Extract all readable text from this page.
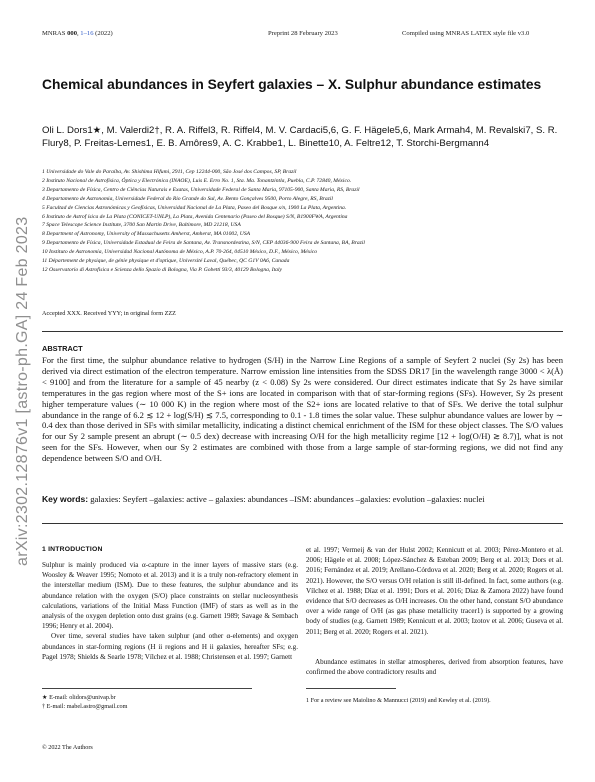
MNRAS 000, 1–16 (2022)	Preprint 28 February 2023	Compiled using MNRAS LATEX style file v3.0
arXiv:2302.12876v1 [astro-ph.GA] 24 Feb 2023
Chemical abundances in Seyfert galaxies – X. Sulphur abundance estimates
Oli L. Dors1★, M. Valerdi2†, R. A. Riffel3, R. Riffel4, M. V. Cardaci5,6, G. F. Hägele5,6, Mark Armah4, M. Revalski7, S. R. Flury8, P. Freitas-Lemes1, E. B. Amôres9, A. C. Krabbe1, L. Binette10, A. Feltre12, T. Storchi-Bergmann4
1 Universidade do Vale do Paraíba, Av. Shishima Hifumi, 2911, Cep 12244-000, São José dos Campos, SP, Brazil
2 Instituto Nacional de Astrofísica, Óptica y Electrónica (INAOE), Luis E. Erro No. 1, Sta. Ma. Tonantzintla, Puebla, C.P. 72840, México.
3 Departamento de Física, Centro de Ciências Naturais e Exatas, Universidade Federal de Santa Maria, 97105-900, Santa Maria, RS, Brazil
4 Departamento de Astronomia, Universidade Federal do Rio Grande do Sul, Av. Bento Gonçalves 9500, Porto Alegre, RS, Brazil
5 Facultad de Ciencias Astronómicas y Geofísicas, Universidad Nacional de La Plata, Paseo del Bosque s/n, 1900 La Plata, Argentina.
6 Instituto de Astrof ísica de La Plata (CONICET-UNLP), La Plata, Avenida Centenario (Paseo del Bosque) S/N, B1900FWA, Argentina
7 Space Telescope Science Institute, 3700 San Martin Drive, Baltimore, MD 21218, USA
8 Department of Astronomy, University of Massachusetts Amherst, Amherst, MA 01002, USA
9 Departamento de Física, Universidade Estadual de Feira de Santana, Av. Transnordestina, S/N, CEP 44036-900 Feira de Santana, BA, Brazil
10 Instituto de Astronomía, Universidad Nacional Autónoma de México, A.P. 70-264, 04510 México, D.F., México, México
11 Département de physique, de génie physique et d'optique, Université Laval, Québec, QC G1V 0A6, Canada
12 Osservatorio di Astrofisica e Scienza dello Spazio di Bologna, Via P. Gobetti 93/3, 40129 Bologna, Italy
Accepted XXX. Received YYY; in original form ZZZ
ABSTRACT
For the first time, the sulphur abundance relative to hydrogen (S/H) in the Narrow Line Regions of a sample of Seyfert 2 nuclei (Sy 2s) has been derived via direct estimation of the electron temperature. Narrow emission line intensities from the SDSS DR17 [in the wavelength range 3000 < λ(Å) < 9100] and from the literature for a sample of 45 nearby (z < 0.08) Sy 2s were considered. Our direct estimates indicate that Sy 2s have similar temperatures in the gas region where most of the S+ ions are located in comparison with that of star-forming regions (SFs). However, Sy 2s present higher temperature values (∼ 10 000 K) in the region where most of the S2+ ions are located relative to that of SFs. We derive the total sulphur abundance in the range of 6.2 ≲ 12 + log(S/H) ≲ 7.5, corresponding to 0.1 - 1.8 times the solar value. These sulphur abundance values are lower by ∼ 0.4 dex than those derived in SFs with similar metallicity, indicating a distinct chemical enrichment of the ISM for these object classes. The S/O values for our Sy 2 sample present an abrupt (∼ 0.5 dex) decrease with increasing O/H for the high metallicity regime [12 + log(O/H) ≳ 8.7)], what is not seen for the SFs. However, when our Sy 2 estimates are combined with those from a large sample of star-forming regions, we did not find any dependence between S/O and O/H.
Key words: galaxies: Seyfert –galaxies: active – galaxies: abundances –ISM: abundances –galaxies: evolution –galaxies: nuclei
1 INTRODUCTION

Sulphur is mainly produced via α-capture in the inner layers of massive stars (e.g. Woosley & Weaver 1995; Nomoto et al. 2013) and it is a truly non-refractory element in the interstellar medium (ISM). Due to these features, the sulphur abundance and its abundance relation with the oxygen (S/O) place constraints on stellar nucleosynthesis calculations, variations of the Initial Mass Function (IMF) of stars as well as in the analysis of the oxygen depletion onto dust grains (e.g. Garnett 1989; Savage & Sembach 1996; Henry et al. 2004).

Over time, several studies have taken sulphur (and other α-elements) and oxygen abundances in star-forming regions (H ii regions and H ii galaxies, hereafter SFs; e.g. Pagel 1978; Shields & Searle 1978; Vílchez et al. 1988; Christensen et al. 1997; Garnett

et al. 1997; Vermeij & van der Hulst 2002; Kennicutt et al. 2003; Pérez-Montero et al. 2006; Hägele et al. 2008; López-Sánchez & Esteban 2009; Berg et al. 2013; Dors et al. 2016; Fernández et al. 2019; Arellano-Córdova et al. 2020; Berg et al. 2020; Rogers et al. 2021). However, the S/O versus O/H relation is still ill-defined. In fact, some authors (e.g. Vílchez et al. 1988; Díaz et al. 1991; Dors et al. 2016; Díaz & Zamora 2022) have found evidence that S/O decreases as O/H increases. On the other hand, constant S/O abundance over a wide range of O/H (as gas phase metallicity tracer1) is supported by a growing body of studies (e.g. Garnett 1989; Kennicutt et al. 2003; Izotov et al. 2006; Guseva et al. 2011; Berg et al. 2020; Rogers et al. 2021).

Abundance estimates in stellar atmospheres, derived from absorption features, have confirmed the above contradictory results and

★ E-mail: olidors@univap.br
† E-mail: mabel.astro@gmail.com
1 For a review see Maiolino & Mannucci (2019) and Kewley et al. (2019).
© 2022 The Authors
